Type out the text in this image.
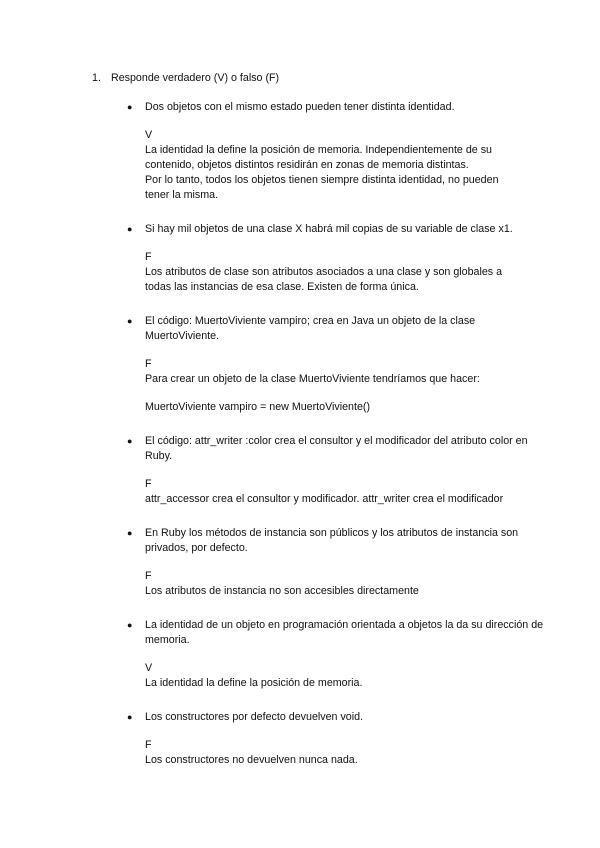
1. Responde verdadero (V) o falso (F)
● Dos objetos con el mismo estado pueden tener distinta identidad.

V
La identidad la define la posición de memoria. Independientemente de su
contenido, objetos distintos residirán en zonas de memoria distintas.
Por lo tanto, todos los objetos tienen siempre distinta identidad, no pueden
tener la misma.
● Si hay mil objetos de una clase X habrá mil copias de su variable de clase x1.

F
Los atributos de clase son atributos asociados a una clase y son globales a
todas las instancias de esa clase. Existen de forma única.
● El código: MuertoViviente vampiro; crea en Java un objeto de la clase MuertoViviente.

F
Para crear un objeto de la clase MuertoViviente tendríamos que hacer:
MuertoViviente vampiro = new MuertoViviente()
● El código: attr_writer :color crea el consultor y el modificador del atributo color en Ruby.

F
attr_accessor crea el consultor y modificador. attr_writer crea el modificador
● En Ruby los métodos de instancia son públicos y los atributos de instancia son privados, por defecto.

F
Los atributos de instancia no son accesibles directamente
● La identidad de un objeto en programación orientada a objetos la da su dirección de memoria.

V
La identidad la define la posición de memoria.
● Los constructores por defecto devuelven void.

F
Los constructores no devuelven nunca nada.
